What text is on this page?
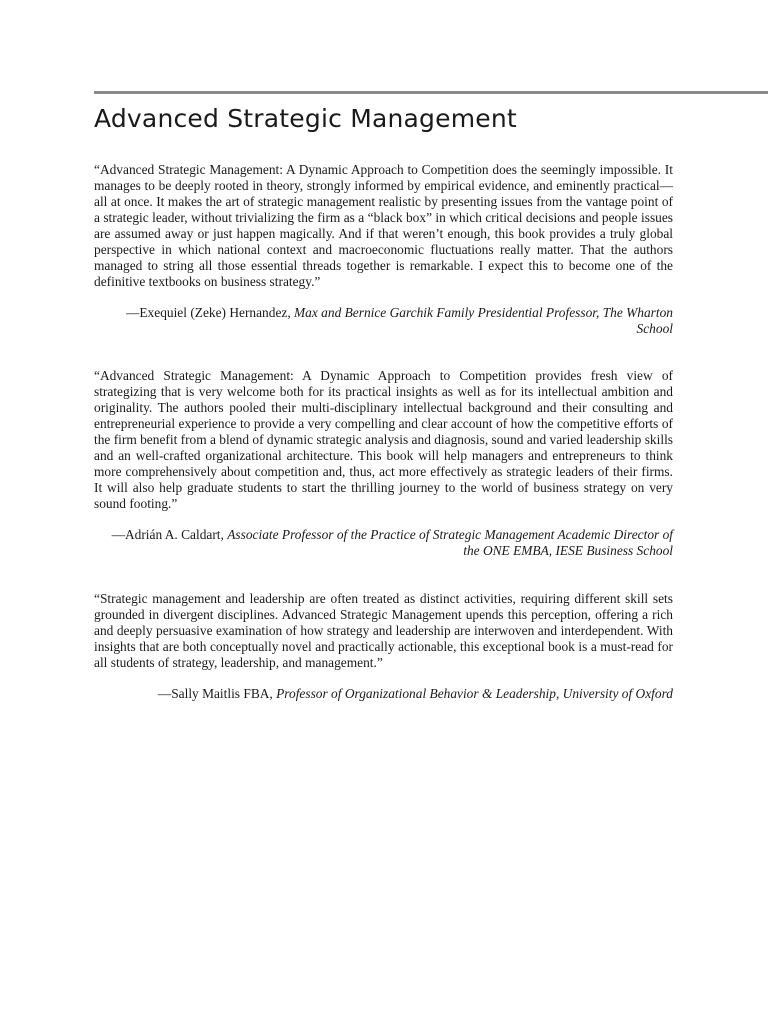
Advanced Strategic Management

“Advanced Strategic Management: A Dynamic Approach to Competition does the seemingly impossible. It manages to be deeply rooted in theory, strongly informed by empirical evidence, and eminently practical—all at once. It makes the art of strategic management realistic by presenting issues from the vantage point of a strategic leader, without trivializing the firm as a “black box” in which critical decisions and people issues are assumed away or just happen magically. And if that weren’t enough, this book provides a truly global perspective in which national context and macroeconomic fluctuations really matter. That the authors managed to string all those essential threads together is remarkable. I expect this to become one of the definitive textbooks on business strategy.”

—Exequiel (Zeke) Hernandez, Max and Bernice Garchik Family Presidential Professor, The Wharton School

“Advanced Strategic Management: A Dynamic Approach to Competition provides fresh view of strategizing that is very welcome both for its practical insights as well as for its intellectual ambition and originality. The authors pooled their multi-disciplinary intellectual background and their consulting and entrepreneurial experience to provide a very compelling and clear account of how the competitive efforts of the firm benefit from a blend of dynamic strategic analysis and diagnosis, sound and varied leadership skills and an well-crafted organizational architecture. This book will help managers and entrepreneurs to think more comprehensively about competition and, thus, act more effectively as strategic leaders of their firms. It will also help graduate students to start the thrilling journey to the world of business strategy on very sound footing.”

—Adrián A. Caldart, Associate Professor of the Practice of Strategic Management Academic Director of the ONE EMBA, IESE Business School

“Strategic management and leadership are often treated as distinct activities, requiring different skill sets grounded in divergent disciplines. Advanced Strategic Management upends this perception, offering a rich and deeply persuasive examination of how strategy and leadership are interwoven and interdependent. With insights that are both conceptually novel and practically actionable, this exceptional book is a must-read for all students of strategy, leadership, and management.”

—Sally Maitlis FBA, Professor of Organizational Behavior & Leadership, University of Oxford
